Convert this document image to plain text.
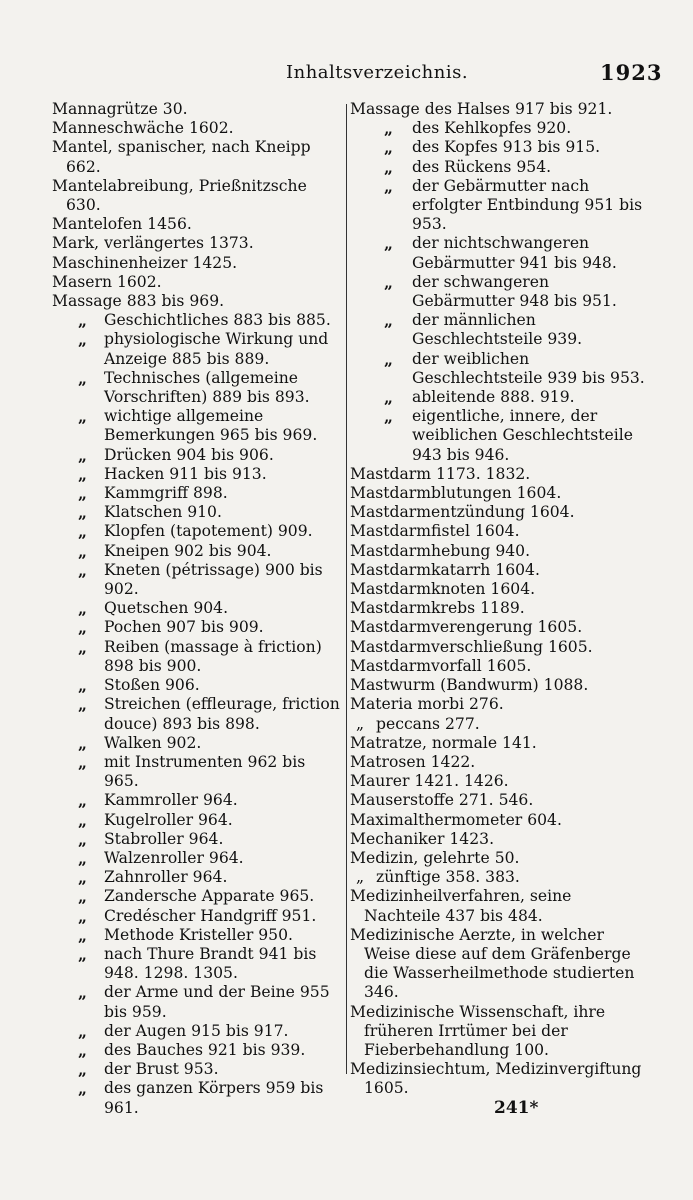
Inhaltsverzeichnis.	1923

Mannagrütze 30.

Manneschwäche 1602.

Mantel, spanischer, nach Kneipp 662.

Mantelabreibung, Prießnitzsche 630.

Mantelofen 1456.

Mark, verlängertes 1373.

Maschinenheizer 1425.

Masern 1602.

Massage 883 bis 969.

„ Geschichtliches 883 bis 885.

„ physiologische Wirkung und Anzeige 885 bis 889.

„ Technisches (allgemeine Vorschriften) 889 bis 893.

„ wichtige allgemeine Bemerkungen 965 bis 969.

„ Drücken 904 bis 906.

„ Hacken 911 bis 913.

„ Kammgriff 898.

„ Klatschen 910.

„ Klopfen (tapotement) 909.

„ Kneipen 902 bis 904.

„ Kneten (pétrissage) 900 bis 902.

„ Quetschen 904.

„ Pochen 907 bis 909.

„ Reiben (massage à friction) 898 bis 900.

„ Stoßen 906.

„ Streichen (effleurage, friction douce) 893 bis 898.

„ Walken 902.

„ mit Instrumenten 962 bis 965.

„ Kammroller 964.

„ Kugelroller 964.

„ Stabroller 964.

„ Walzenroller 964.

„ Zahnroller 964.

„ Zandersche Apparate 965.

„ Credéscher Handgriff 951.

„ Methode Kristeller 950.

„ nach Thure Brandt 941 bis 948. 1298. 1305.

„ der Arme und der Beine 955 bis 959.

„ der Augen 915 bis 917.

„ des Bauches 921 bis 939.

„ der Brust 953.

„ des ganzen Körpers 959 bis 961.

Massage des Halses 917 bis 921.

„ des Kehlkopfes 920.

„ des Kopfes 913 bis 915.

„ des Rückens 954.

„ der Gebärmutter nach erfolgter Entbindung 951 bis 953.

„ der nichtschwangeren Gebärmutter 941 bis 948.

„ der schwangeren Gebärmutter 948 bis 951.

„ der männlichen Geschlechtsteile 939.

„ der weiblichen Geschlechtsteile 939 bis 953.

„ ableitende 888. 919.

„ eigentliche, innere, der weiblichen Geschlechtsteile 943 bis 946.

Mastdarm 1173. 1832.

Mastdarmblutungen 1604.

Mastdarmentzündung 1604.

Mastdarmfistel 1604.

Mastdarmhebung 940.

Mastdarmkatarrh 1604.

Mastdarmknoten 1604.

Mastdarmkrebs 1189.

Mastdarmverengerung 1605.

Mastdarmverschließung 1605.

Mastdarmvorfall 1605.

Mastwurm (Bandwurm) 1088.

Materia morbi 276.

„ peccans 277.

Matratze, normale 141.

Matrosen 1422.

Maurer 1421. 1426.

Mauserstoffe 271. 546.

Maximalthermometer 604.

Mechaniker 1423.

Medizin, gelehrte 50.

„ zünftige 358. 383.

Medizinheilverfahren, seine Nachteile 437 bis 484.

Medizinische Aerzte, in welcher Weise diese auf dem Gräfenberge die Wasserheilmethode studierten 346.

Medizinische Wissenschaft, ihre früheren Irrtümer bei der Fieberbehandlung 100.

Medizinsiechtum, Medizinvergiftung 1605.

241*
